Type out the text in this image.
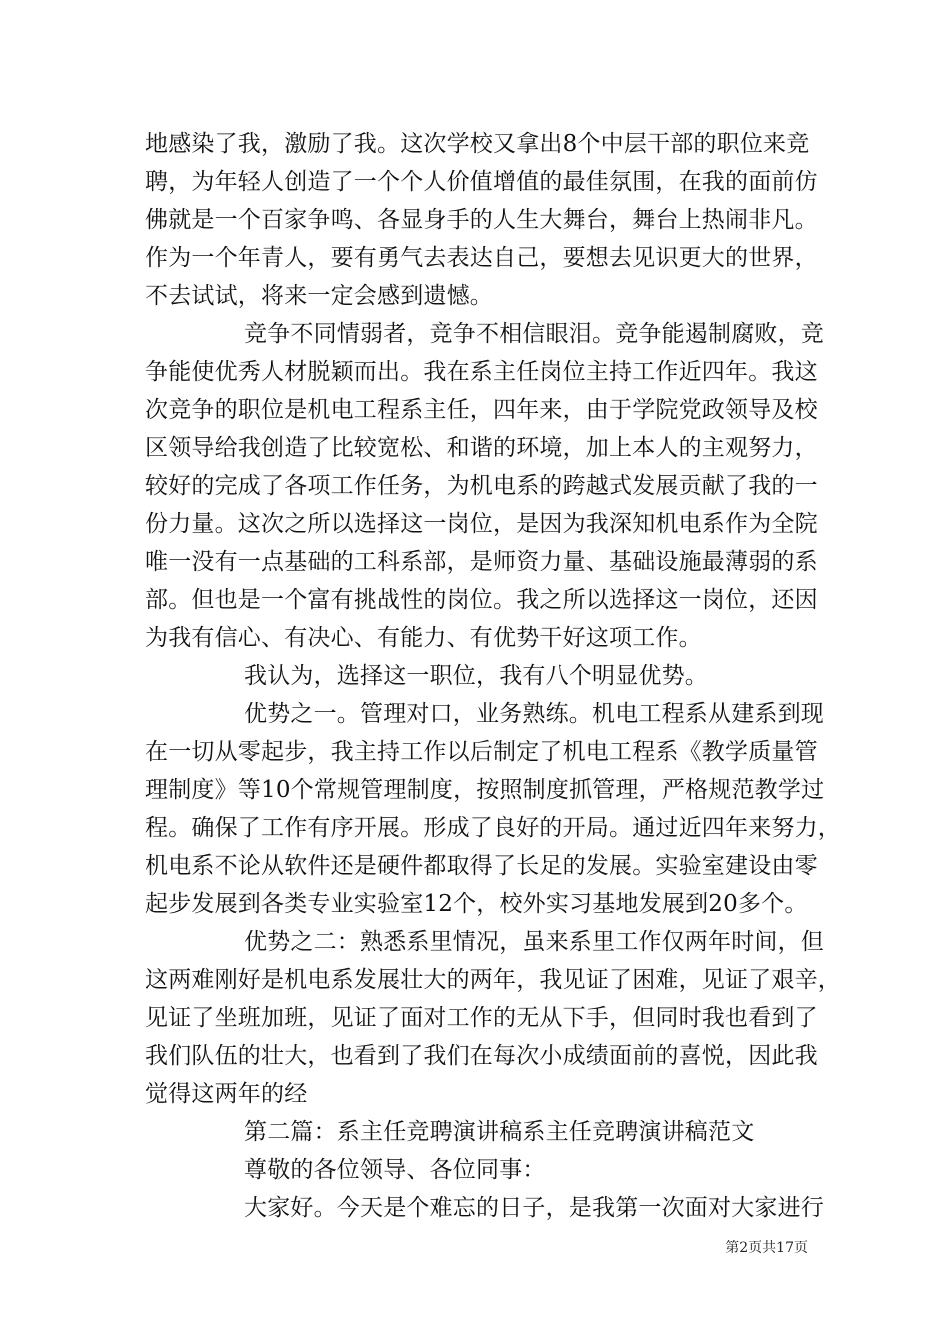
地感染了我，激励了我。这次学校又拿出8个中层干部的职位来竞
聘，为年轻人创造了一个个人价值增值的最佳氛围，在我的面前仿
佛就是一个百家争鸣、各显身手的人生大舞台，舞台上热闹非凡。
作为一个年青人，要有勇气去表达自己，要想去见识更大的世界，
不去试试，将来一定会感到遗憾。
竞争不同情弱者，竞争不相信眼泪。竞争能遏制腐败，竞
争能使优秀人材脱颖而出。我在系主任岗位主持工作近四年。我这
次竞争的职位是机电工程系主任，四年来，由于学院党政领导及校
区领导给我创造了比较宽松、和谐的环境，加上本人的主观努力，
较好的完成了各项工作任务，为机电系的跨越式发展贡献了我的一
份力量。这次之所以选择这一岗位，是因为我深知机电系作为全院
唯一没有一点基础的工科系部，是师资力量、基础设施最薄弱的系
部。但也是一个富有挑战性的岗位。我之所以选择这一岗位，还因
为我有信心、有决心、有能力、有优势干好这项工作。
我认为，选择这一职位，我有八个明显优势。
优势之一。管理对口，业务熟练。机电工程系从建系到现
在一切从零起步，我主持工作以后制定了机电工程系《教学质量管
理制度》等10个常规管理制度，按照制度抓管理，严格规范教学过
程。确保了工作有序开展。形成了良好的开局。通过近四年来努力，
机电系不论从软件还是硬件都取得了长足的发展。实验室建设由零
起步发展到各类专业实验室12个，校外实习基地发展到20多个。
优势之二：熟悉系里情况，虽来系里工作仅两年时间，但
这两难刚好是机电系发展壮大的两年，我见证了困难，见证了艰辛，
见证了坐班加班，见证了面对工作的无从下手，但同时我也看到了
我们队伍的壮大，也看到了我们在每次小成绩面前的喜悦，因此我
觉得这两年的经
第二篇：系主任竞聘演讲稿系主任竞聘演讲稿范文
尊敬的各位领导、各位同事：
大家好。今天是个难忘的日子，是我第一次面对大家进行
第2页共17页
